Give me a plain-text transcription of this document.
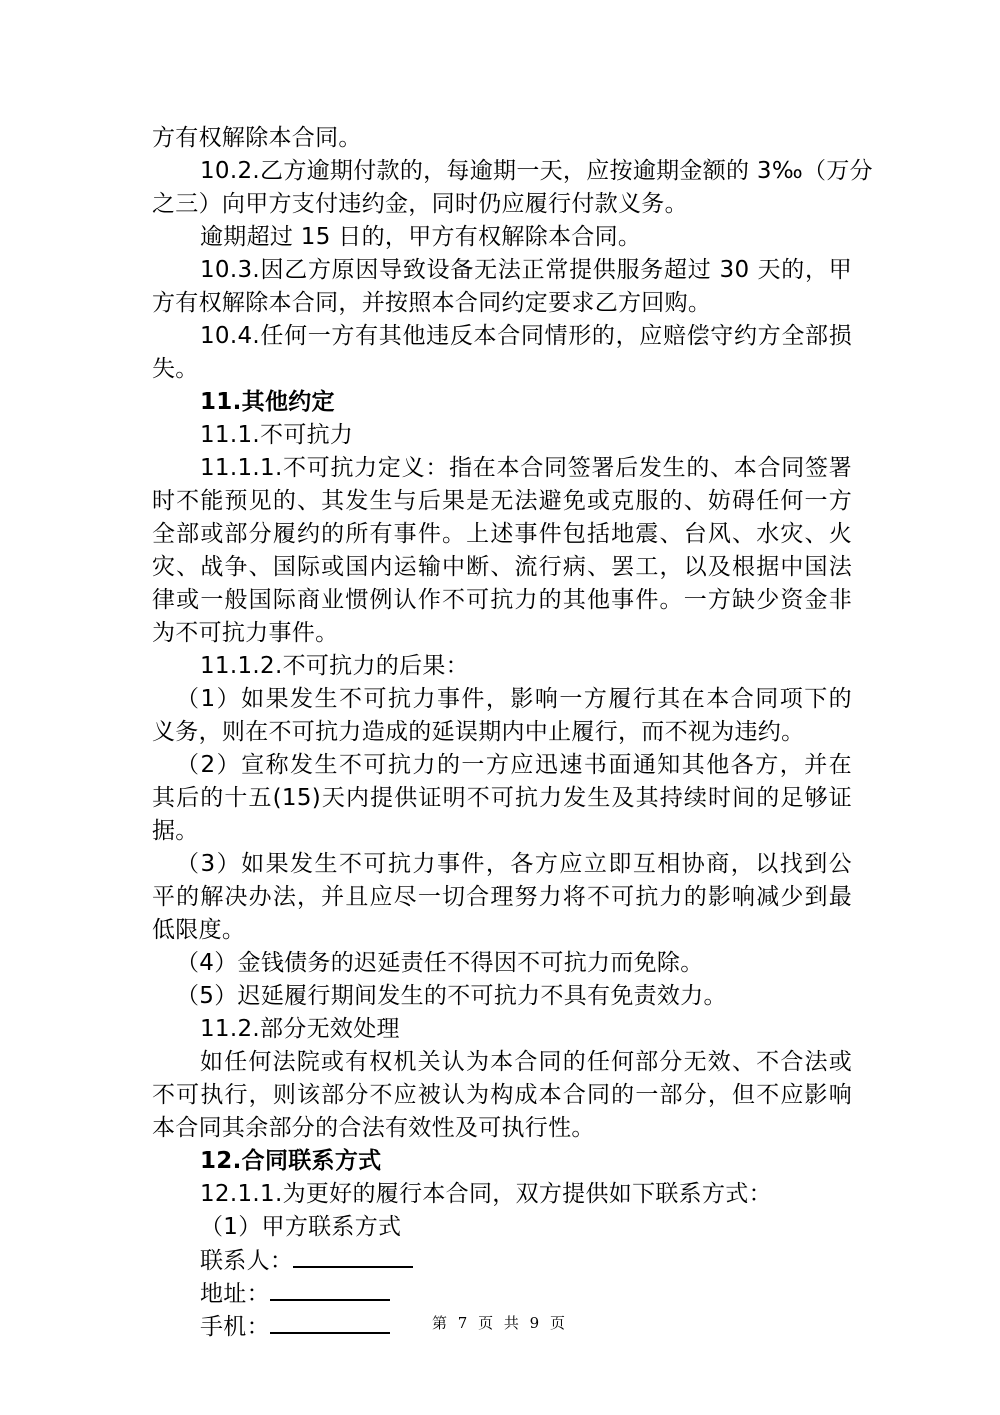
方有权解除本合同。
10.2.乙方逾期付款的，每逾期一天，应按逾期金额的 3‰（万分
之三）向甲方支付违约金，同时仍应履行付款义务。
逾期超过 15 日的，甲方有权解除本合同。
10.3.因乙方原因导致设备无法正常提供服务超过 30 天的，甲
方有权解除本合同，并按照本合同约定要求乙方回购。
10.4.任何一方有其他违反本合同情形的，应赔偿守约方全部损
失。
11.其他约定
11.1.不可抗力
11.1.1.不可抗力定义：指在本合同签署后发生的、本合同签署
时不能预见的、其发生与后果是无法避免或克服的、妨碍任何一方
全部或部分履约的所有事件。上述事件包括地震、台风、水灾、火
灾、战争、国际或国内运输中断、流行病、罢工，以及根据中国法
律或一般国际商业惯例认作不可抗力的其他事件。一方缺少资金非
为不可抗力事件。
11.1.2.不可抗力的后果：
（1）如果发生不可抗力事件，影响一方履行其在本合同项下的
义务，则在不可抗力造成的延误期内中止履行，而不视为违约。
（2）宣称发生不可抗力的一方应迅速书面通知其他各方，并在
其后的十五(15)天内提供证明不可抗力发生及其持续时间的足够证
据。
（3）如果发生不可抗力事件，各方应立即互相协商，以找到公
平的解决办法，并且应尽一切合理努力将不可抗力的影响减少到最
低限度。
（4）金钱债务的迟延责任不得因不可抗力而免除。
（5）迟延履行期间发生的不可抗力不具有免责效力。
11.2.部分无效处理
如任何法院或有权机关认为本合同的任何部分无效、不合法或
不可执行，则该部分不应被认为构成本合同的一部分，但不应影响
本合同其余部分的合法有效性及可执行性。
12.合同联系方式
12.1.1.为更好的履行本合同，双方提供如下联系方式：
（1）甲方联系方式
联系人：
地址：
手机：	第 7 页 共 9 页
